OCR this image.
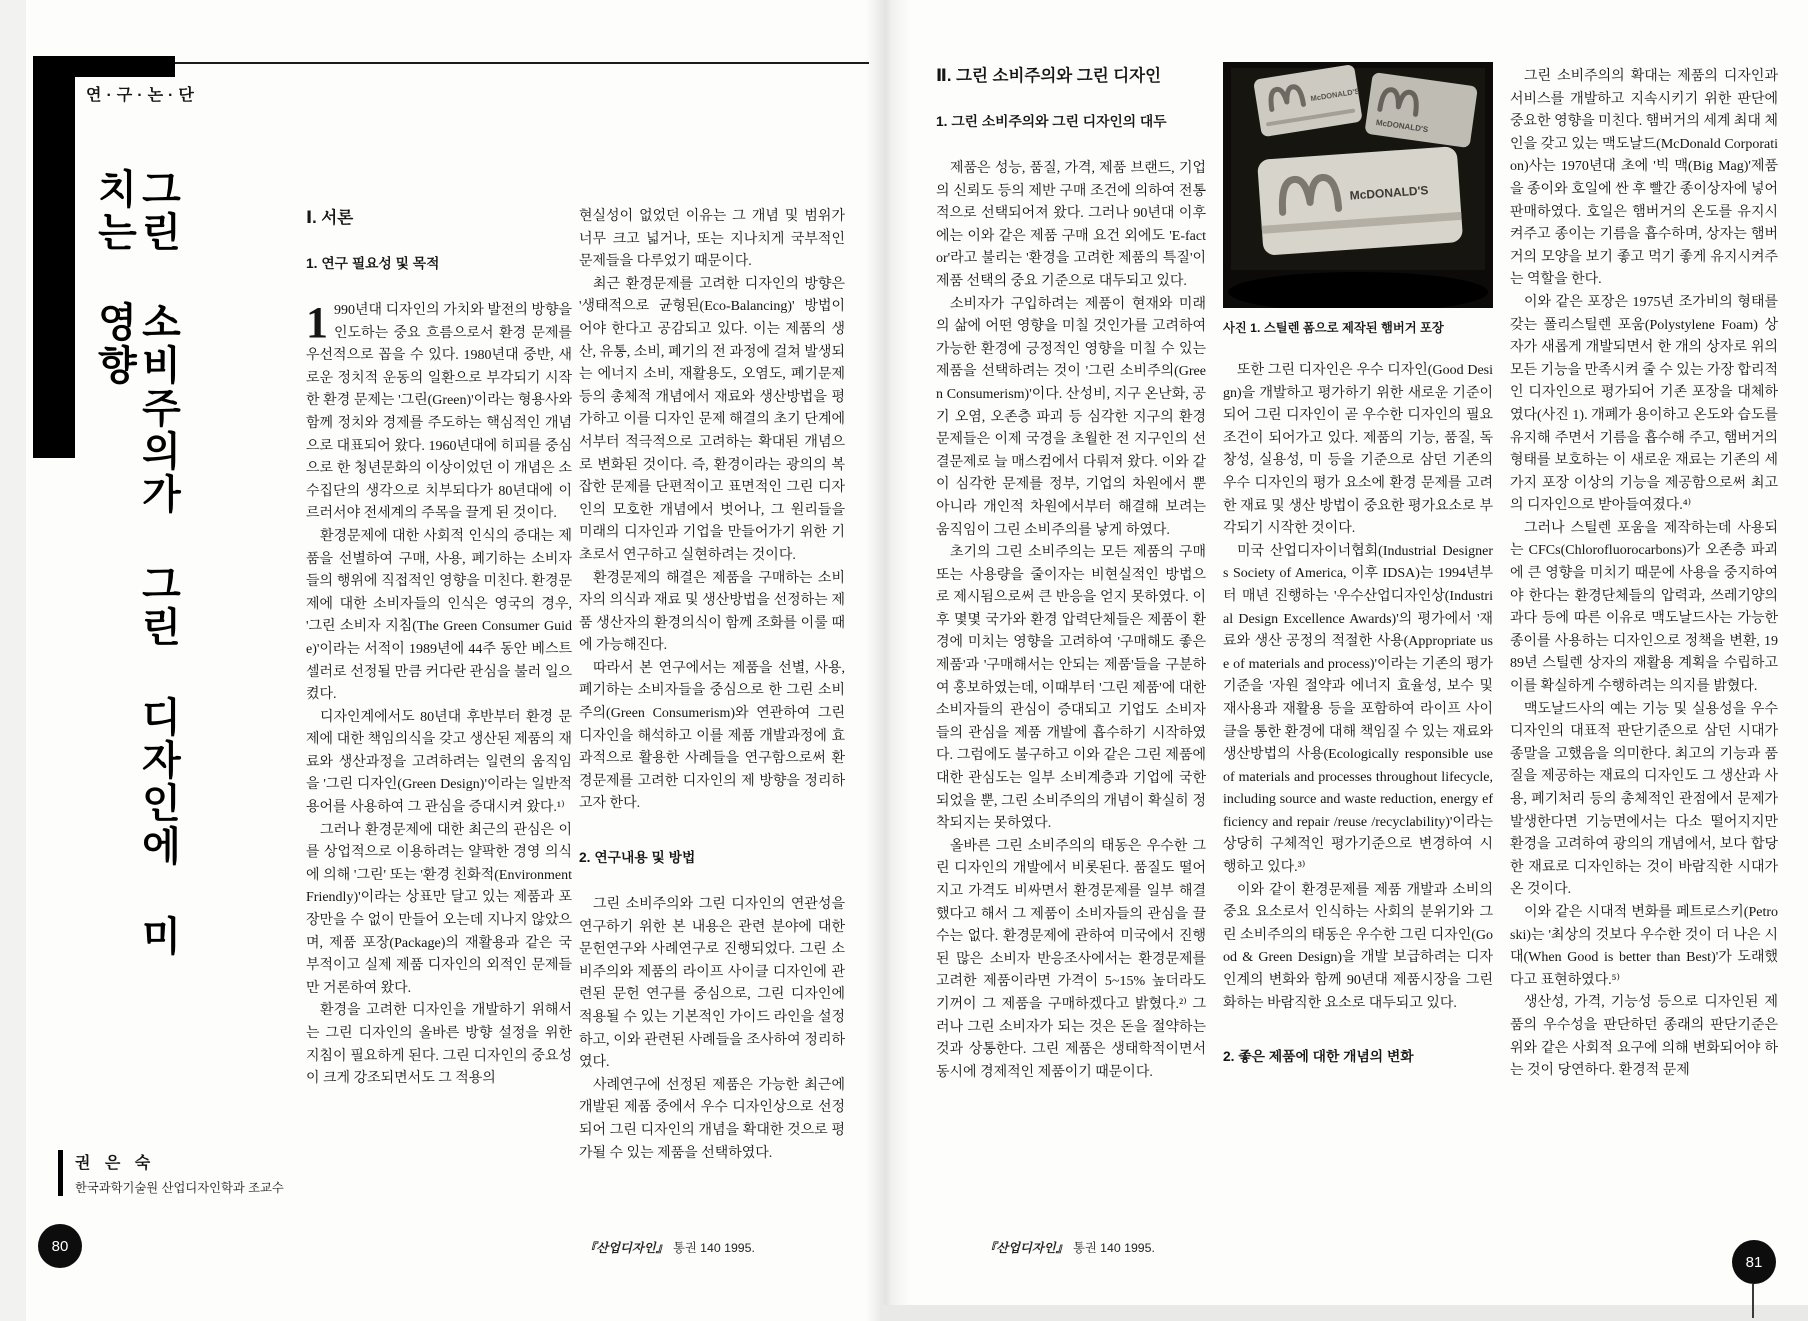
연·구·논·단
그린 소비주의가 그린 디자인에 미치는 영향
권 은 숙
한국과학기술원 산업디자인학과 조교수
80
81
Ⅰ. 서론
1. 연구 필요성 및 목적

1 990년대 디자인의 가치와 발전의 방향을 인도하는 중요 흐름으로서 환경 문제를 우선적으로 꼽을 수 있다. 1980년대 중반, 새로운 정치적 운동의 일환으로 부각되기 시작한 환경 문제는 '그린(Green)'이라는 형용사와 함께 정치와 경제를 주도하는 핵심적인 개념으로 대표되어 왔다. 1960년대에 히피를 중심으로 한 청년문화의 이상이었던 이 개념은 소수집단의 생각으로 치부되다가 80년대에 이르러서야 전세계의 주목을 끌게 된 것이다.

환경문제에 대한 사회적 인식의 증대는 제품을 선별하여 구매, 사용, 폐기하는 소비자들의 행위에 직접적인 영향을 미친다. 환경문제에 대한 소비자들의 인식은 영국의 경우, '그린 소비자 지침(The Green Consumer Guide)'이라는 서적이 1989년에 44주 동안 베스트셀러로 선정될 만큼 커다란 관심을 불러 일으켰다.

디자인계에서도 80년대 후반부터 환경 문제에 대한 책임의식을 갖고 생산된 제품의 재료와 생산과정을 고려하려는 일련의 움직임을 '그린 디자인(Green Design)'이라는 일반적 용어를 사용하여 그 관심을 증대시켜 왔다.¹⁾

그러나 환경문제에 대한 최근의 관심은 이를 상업적으로 이용하려는 얄팍한 경영 의식에 의해 '그린' 또는 '환경 친화적(Environment Friendly)'이라는 상표만 달고 있는 제품과 포장만을 수 없이 만들어 오는데 지나지 않았으며, 제품 포장(Package)의 재활용과 같은 국부적이고 실제 제품 디자인의 외적인 문제들만 거론하여 왔다.

환경을 고려한 디자인을 개발하기 위해서는 그린 디자인의 올바른 방향 설정을 위한 지침이 필요하게 된다. 그린 디자인의 중요성이 크게 강조되면서도 그 적용의

현실성이 없었던 이유는 그 개념 및 범위가 너무 크고 넓거나, 또는 지나치게 국부적인 문제들을 다루었기 때문이다.

최근 환경문제를 고려한 디자인의 방향은 '생태적으로 균형된(Eco-Balancing)' 방법이어야 한다고 공감되고 있다. 이는 제품의 생산, 유통, 소비, 폐기의 전 과정에 걸쳐 발생되는 에너지 소비, 재활용도, 오염도, 폐기문제 등의 총체적 개념에서 재료와 생산방법을 평가하고 이를 디자인 문제 해결의 초기 단계에서부터 적극적으로 고려하는 확대된 개념으로 변화된 것이다. 즉, 환경이라는 광의의 복잡한 문제를 단편적이고 표면적인 그린 디자인의 모호한 개념에서 벗어나, 그 원리들을 미래의 디자인과 기업을 만들어가기 위한 기초로서 연구하고 실현하려는 것이다.

환경문제의 해결은 제품을 구매하는 소비자의 의식과 재료 및 생산방법을 선정하는 제품 생산자의 환경의식이 함께 조화를 이룰 때에 가능해진다.

따라서 본 연구에서는 제품을 선별, 사용, 폐기하는 소비자들을 중심으로 한 그린 소비주의(Green Consumerism)와 연관하여 그린 디자인을 해석하고 이를 제품 개발과정에 효과적으로 활용한 사례들을 연구함으로써 환경문제를 고려한 디자인의 제 방향을 정리하고자 한다.

2. 연구내용 및 방법

그린 소비주의와 그린 디자인의 연관성을 연구하기 위한 본 내용은 관련 분야에 대한 문헌연구와 사례연구로 진행되었다. 그린 소비주의와 제품의 라이프 사이클 디자인에 관련된 문헌 연구를 중심으로, 그린 디자인에 적용될 수 있는 기본적인 가이드 라인을 설정하고, 이와 관련된 사례들을 조사하여 정리하였다.

사례연구에 선정된 제품은 가능한 최근에 개발된 제품 중에서 우수 디자인상으로 선정되어 그린 디자인의 개념을 확대한 것으로 평가될 수 있는 제품을 선택하였다.

Ⅱ. 그린 소비주의와 그린 디자인
1. 그린 소비주의와 그린 디자인의 대두

제품은 성능, 품질, 가격, 제품 브랜드, 기업의 신뢰도 등의 제반 구매 조건에 의하여 전통적으로 선택되어져 왔다. 그러나 90년대 이후에는 이와 같은 제품 구매 요건 외에도 'E-factor'라고 불리는 '환경을 고려한 제품의 특질'이 제품 선택의 중요 기준으로 대두되고 있다.

소비자가 구입하려는 제품이 현재와 미래의 삶에 어떤 영향을 미칠 것인가를 고려하여 가능한 환경에 긍정적인 영향을 미칠 수 있는 제품을 선택하려는 것이 '그린 소비주의(Green Consumerism)'이다. 산성비, 지구 온난화, 공기 오염, 오존층 파괴 등 심각한 지구의 환경문제들은 이제 국경을 초월한 전 지구인의 선결문제로 늘 매스컴에서 다뤄져 왔다. 이와 같이 심각한 문제를 정부, 기업의 차원에서 뿐 아니라 개인적 차원에서부터 해결해 보려는 움직임이 그린 소비주의를 낳게 하였다.

초기의 그린 소비주의는 모든 제품의 구매 또는 사용량을 줄이자는 비현실적인 방법으로 제시됨으로써 큰 반응을 얻지 못하였다. 이후 몇몇 국가와 환경 압력단체들은 제품이 환경에 미치는 영향을 고려하여 '구매해도 좋은 제품'과 '구매해서는 안되는 제품'들을 구분하여 홍보하였는데, 이때부터 '그린 제품'에 대한 소비자들의 관심이 증대되고 기업도 소비자들의 관심을 제품 개발에 흡수하기 시작하였다. 그럼에도 불구하고 이와 같은 그린 제품에 대한 관심도는 일부 소비계층과 기업에 국한되었을 뿐, 그린 소비주의의 개념이 확실히 정착되지는 못하였다.

올바른 그린 소비주의의 태동은 우수한 그린 디자인의 개발에서 비롯된다. 품질도 떨어지고 가격도 비싸면서 환경문제를 일부 해결했다고 해서 그 제품이 소비자들의 관심을 끌 수는 없다. 환경문제에 관하여 미국에서 진행된 많은 소비자 반응조사에서는 환경문제를 고려한 제품이라면 가격이 5~15% 높더라도 기꺼이 그 제품을 구매하겠다고 밝혔다.²⁾ 그러나 그린 소비자가 되는 것은 돈을 절약하는 것과 상통한다. 그린 제품은 생태학적이면서 동시에 경제적인 제품이기 때문이다.

McDONALD'S
McDONALD'S
McDONALD'S
사진 1. 스틸렌 폼으로 제작된 햄버거 포장

또한 그린 디자인은 우수 디자인(Good Design)을 개발하고 평가하기 위한 새로운 기준이 되어 그린 디자인이 곧 우수한 디자인의 필요조건이 되어가고 있다. 제품의 기능, 품질, 독창성, 실용성, 미 등을 기준으로 삼던 기존의 우수 디자인의 평가 요소에 환경 문제를 고려한 재료 및 생산 방법이 중요한 평가요소로 부각되기 시작한 것이다.

미국 산업디자이너협회(Industrial Designers Society of America, 이후 IDSA)는 1994년부터 매년 진행하는 '우수산업디자인상(Industrial Design Excellence Awards)'의 평가에서 '재료와 생산 공정의 적절한 사용(Appropriate use of materials and process)'이라는 기존의 평가기준을 '자원 절약과 에너지 효율성, 보수 및 재사용과 재활용 등을 포함하여 라이프 사이클을 통한 환경에 대해 책임질 수 있는 재료와 생산방법의 사용(Ecologically responsible use of materials and processes throughout lifecycle, including source and waste reduction, energy efficiency and repair /reuse /recyclability)'이라는 상당히 구체적인 평가기준으로 변경하여 시행하고 있다.³⁾

이와 같이 환경문제를 제품 개발과 소비의 중요 요소로서 인식하는 사회의 분위기와 그린 소비주의의 태동은 우수한 그린 디자인(Good & Green Design)을 개발 보급하려는 디자인계의 변화와 함께 90년대 제품시장을 그린화하는 바람직한 요소로 대두되고 있다.

2. 좋은 제품에 대한 개념의 변화

그린 소비주의의 확대는 제품의 디자인과 서비스를 개발하고 지속시키기 위한 판단에 중요한 영향을 미친다. 햄버거의 세계 최대 체인을 갖고 있는 맥도날드(McDonald Corporation)사는 1970년대 초에 '빅 맥(Big Mag)'제품을 종이와 호일에 싼 후 빨간 종이상자에 넣어 판매하였다. 호일은 햄버거의 온도를 유지시켜주고 종이는 기름을 흡수하며, 상자는 햄버거의 모양을 보기 좋고 먹기 좋게 유지시켜주는 역할을 한다.

이와 같은 포장은 1975년 조가비의 형태를 갖는 폴리스틸렌 포움(Polystylene Foam) 상자가 새롭게 개발되면서 한 개의 상자로 위의 모든 기능을 만족시켜 줄 수 있는 가장 합리적인 디자인으로 평가되어 기존 포장을 대체하였다(사진 1). 개폐가 용이하고 온도와 습도를 유지해 주면서 기름을 흡수해 주고, 햄버거의 형태를 보호하는 이 새로운 재료는 기존의 세 가지 포장 이상의 기능을 제공함으로써 최고의 디자인으로 받아들여졌다.⁴⁾

그러나 스틸렌 포움을 제작하는데 사용되는 CFCs(Chlorofluorocarbons)가 오존층 파괴에 큰 영향을 미치기 때문에 사용을 중지하여야 한다는 환경단체들의 압력과, 쓰레기양의 과다 등에 따른 이유로 맥도날드사는 가능한 종이를 사용하는 디자인으로 정책을 변환, 1989년 스틸렌 상자의 재활용 계획을 수립하고 이를 확실하게 수행하려는 의지를 밝혔다.

맥도날드사의 예는 기능 및 실용성을 우수디자인의 대표적 판단기준으로 삼던 시대가 종말을 고했음을 의미한다. 최고의 기능과 품질을 제공하는 재료의 디자인도 그 생산과 사용, 폐기처리 등의 총체적인 관점에서 문제가 발생한다면 기능면에서는 다소 떨어지지만 환경을 고려하여 광의의 개념에서, 보다 합당한 재료로 디자인하는 것이 바람직한 시대가 온 것이다.

이와 같은 시대적 변화를 페트로스키(Petroski)는 '최상의 것보다 우수한 것이 더 나은 시대(When Good is better than Best)'가 도래했다고 표현하였다.⁵⁾

생산성, 가격, 기능성 등으로 디자인된 제품의 우수성을 판단하던 종래의 판단기준은 위와 같은 사회적 요구에 의해 변화되어야 하는 것이 당연하다. 환경적 문제

『산업디자인』 통권 140 1995.	『산업디자인』 통권 140 1995.
